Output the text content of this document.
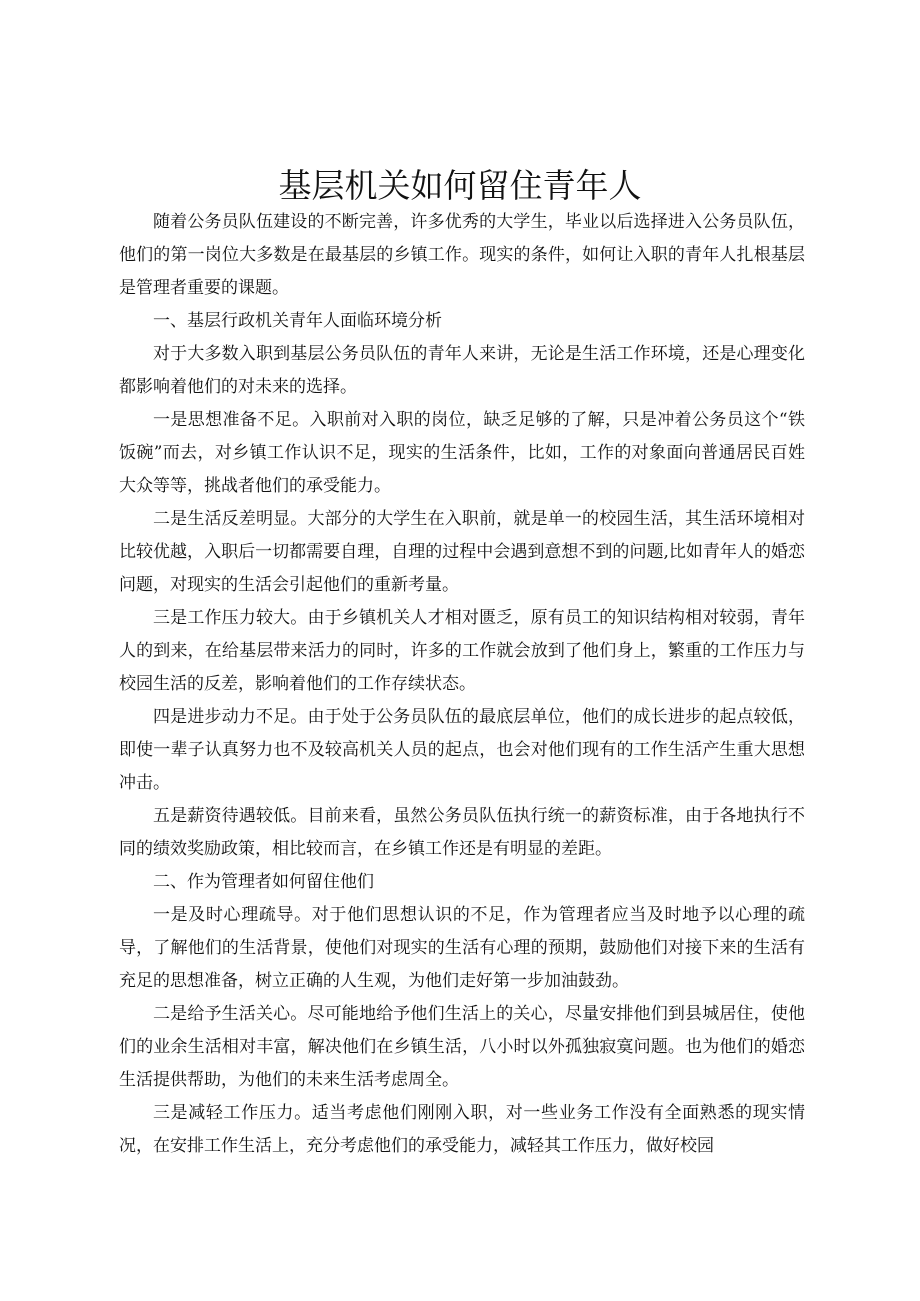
基层机关如何留住青年人

随着公务员队伍建设的不断完善，许多优秀的大学生，毕业以后选择进入公务员队伍，他们的第一岗位大多数是在最基层的乡镇工作。现实的条件，如何让入职的青年人扎根基层是管理者重要的课题。

一、基层行政机关青年人面临环境分析

对于大多数入职到基层公务员队伍的青年人来讲，无论是生活工作环境，还是心理变化都影响着他们的对未来的选择。

一是思想准备不足。入职前对入职的岗位，缺乏足够的了解，只是冲着公务员这个“铁饭碗”而去，对乡镇工作认识不足，现实的生活条件，比如，工作的对象面向普通居民百姓大众等等，挑战者他们的承受能力。

二是生活反差明显。大部分的大学生在入职前，就是单一的校园生活，其生活环境相对比较优越，入职后一切都需要自理，自理的过程中会遇到意想不到的问题,比如青年人的婚恋问题，对现实的生活会引起他们的重新考量。

三是工作压力较大。由于乡镇机关人才相对匮乏，原有员工的知识结构相对较弱，青年人的到来，在给基层带来活力的同时，许多的工作就会放到了他们身上，繁重的工作压力与校园生活的反差，影响着他们的工作存续状态。

四是进步动力不足。由于处于公务员队伍的最底层单位，他们的成长进步的起点较低，即使一辈子认真努力也不及较高机关人员的起点，也会对他们现有的工作生活产生重大思想冲击。

五是薪资待遇较低。目前来看，虽然公务员队伍执行统一的薪资标准，由于各地执行不同的绩效奖励政策，相比较而言，在乡镇工作还是有明显的差距。

二、作为管理者如何留住他们

一是及时心理疏导。对于他们思想认识的不足，作为管理者应当及时地予以心理的疏导，了解他们的生活背景，使他们对现实的生活有心理的预期，鼓励他们对接下来的生活有充足的思想准备，树立正确的人生观，为他们走好第一步加油鼓劲。

二是给予生活关心。尽可能地给予他们生活上的关心，尽量安排他们到县城居住，使他们的业余生活相对丰富，解决他们在乡镇生活，八小时以外孤独寂寞问题。也为他们的婚恋生活提供帮助，为他们的未来生活考虑周全。

三是减轻工作压力。适当考虑他们刚刚入职，对一些业务工作没有全面熟悉的现实情况，在安排工作生活上，充分考虑他们的承受能力，减轻其工作压力，做好校园
